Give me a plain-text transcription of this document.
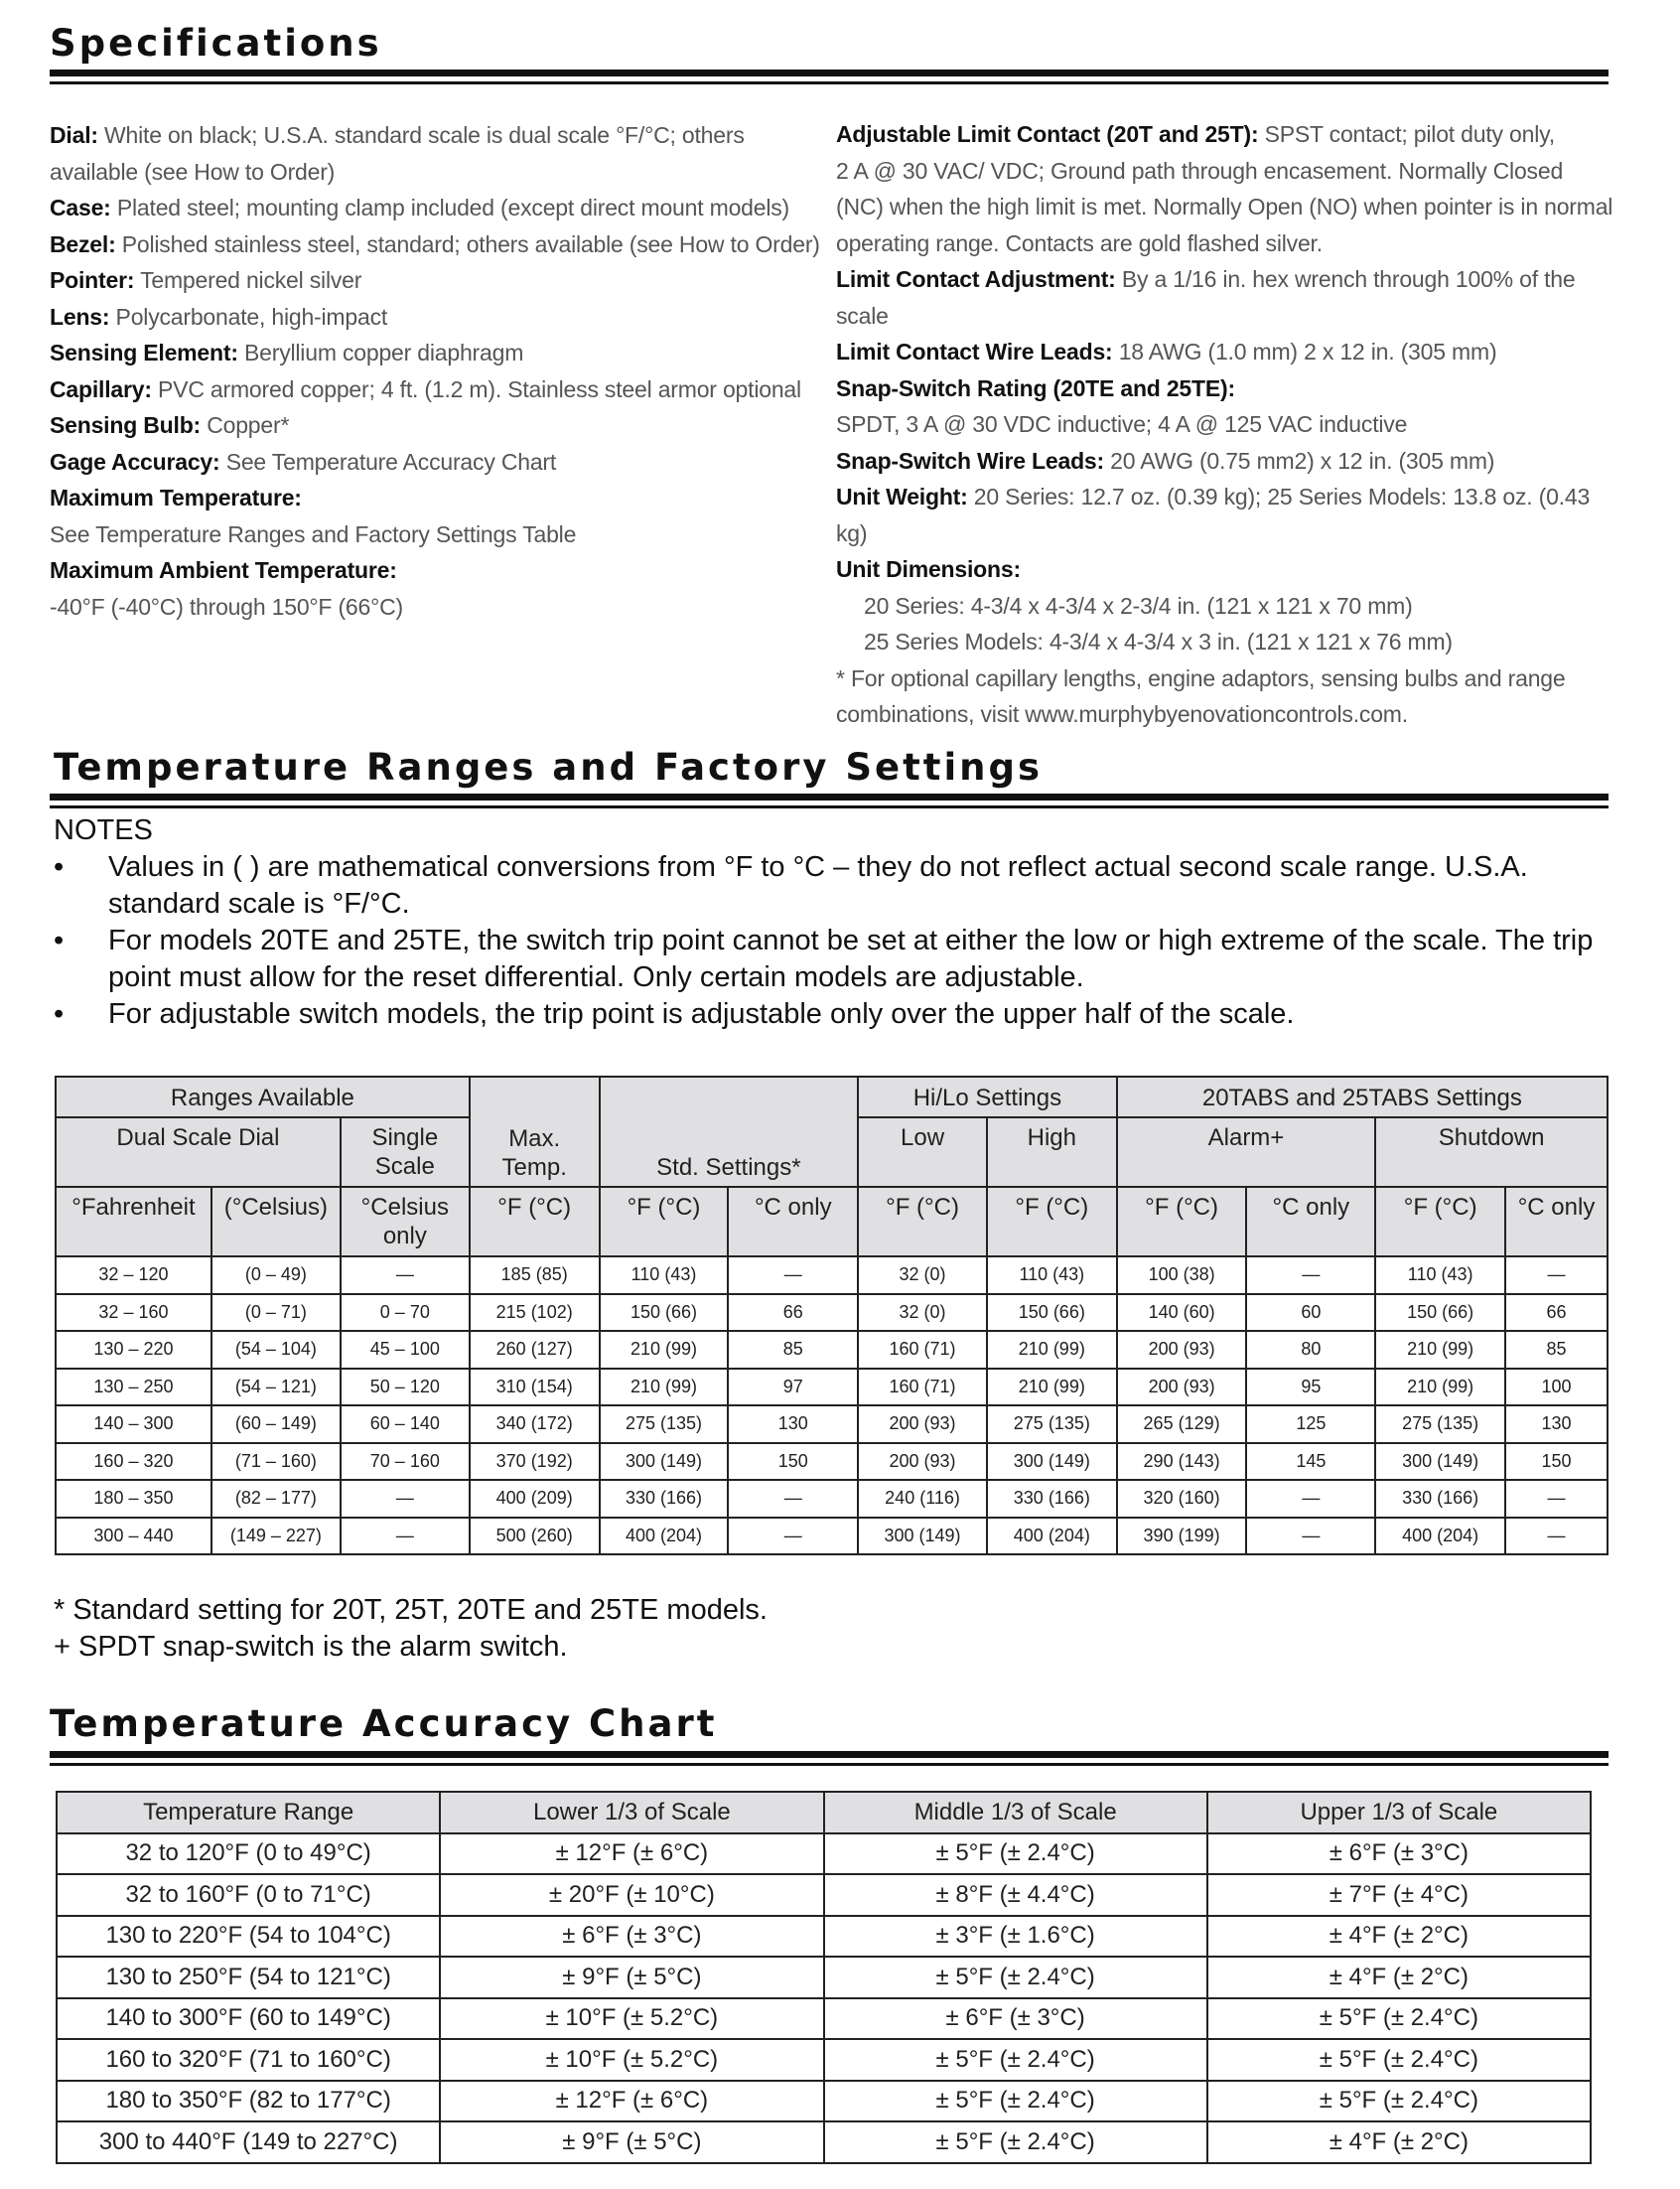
Specifications
Dial: White on black; U.S.A. standard scale is dual scale °F/°C; others
available (see How to Order)
Case: Plated steel; mounting clamp included (except direct mount models)
Bezel: Polished stainless steel, standard; others available (see How to Order)
Pointer: Tempered nickel silver
Lens: Polycarbonate, high-impact
Sensing Element: Beryllium copper diaphragm
Capillary: PVC armored copper; 4 ft. (1.2 m). Stainless steel armor optional
Sensing Bulb: Copper*
Gage Accuracy: See Temperature Accuracy Chart
Maximum Temperature:
See Temperature Ranges and Factory Settings Table
Maximum Ambient Temperature:
-40°F (-40°C) through 150°F (66°C)
Adjustable Limit Contact (20T and 25T): SPST contact; pilot duty only,
2 A @ 30 VAC/ VDC; Ground path through encasement. Normally Closed
(NC) when the high limit is met. Normally Open (NO) when pointer is in normal
operating range. Contacts are gold flashed silver.
Limit Contact Adjustment: By a 1/16 in. hex wrench through 100% of the
scale
Limit Contact Wire Leads: 18 AWG (1.0 mm) 2 x 12 in. (305 mm)
Snap-Switch Rating (20TE and 25TE):
SPDT, 3 A @ 30 VDC inductive; 4 A @ 125 VAC inductive
Snap-Switch Wire Leads: 20 AWG (0.75 mm2) x 12 in. (305 mm)
Unit Weight: 20 Series: 12.7 oz. (0.39 kg); 25 Series Models: 13.8 oz. (0.43
kg)
Unit Dimensions:
20 Series: 4-3/4 x 4-3/4 x 2-3/4 in. (121 x 121 x 70 mm)
25 Series Models: 4-3/4 x 4-3/4 x 3 in. (121 x 121 x 76 mm)
* For optional capillary lengths, engine adaptors, sensing bulbs and range
combinations, visit www.murphybyenovationcontrols.com.
Temperature Ranges and Factory Settings
NOTES
• Values in ( ) are mathematical conversions from °F to °C – they do not reflect actual second scale range. U.S.A. standard scale is °F/°C.
• For models 20TE and 25TE, the switch trip point cannot be set at either the low or high extreme of the scale. The trip point must allow for the reset differential. Only certain models are adjustable.
• For adjustable switch models, the trip point is adjustable only over the upper half of the scale.
Ranges Available			Max. Temp.	Std. Settings*		Hi/Lo Settings		20TABS and 25TABS Settings			
Dual Scale Dial		Single Scale				Low	High	Alarm+		Shutdown	
°Fahrenheit	(°Celsius)	°Celsius only	°F (°C)	°F (°C)	°C only	°F (°C)	°F (°C)	°F (°C)	°C only	°F (°C)	°C only
32 – 120	(0 – 49)	—	185 (85)	110 (43)	—	32 (0)	110 (43)	100 (38)	—	110 (43)	—
32 – 160	(0 – 71)	0 – 70	215 (102)	150 (66)	66	32 (0)	150 (66)	140 (60)	60	150 (66)	66
130 – 220	(54 – 104)	45 – 100	260 (127)	210 (99)	85	160 (71)	210 (99)	200 (93)	80	210 (99)	85
130 – 250	(54 – 121)	50 – 120	310 (154)	210 (99)	97	160 (71)	210 (99)	200 (93)	95	210 (99)	100
140 – 300	(60 – 149)	60 – 140	340 (172)	275 (135)	130	200 (93)	275 (135)	265 (129)	125	275 (135)	130
160 – 320	(71 – 160)	70 – 160	370 (192)	300 (149)	150	200 (93)	300 (149)	290 (143)	145	300 (149)	150
180 – 350	(82 – 177)	—	400 (209)	330 (166)	—	240 (116)	330 (166)	320 (160)	—	330 (166)	—
300 – 440	(149 – 227)	—	500 (260)	400 (204)	—	300 (149)	400 (204)	390 (199)	—	400 (204)	—
* Standard setting for 20T, 25T, 20TE and 25TE models.
+ SPDT snap-switch is the alarm switch.
Temperature Accuracy Chart
Temperature Range	Lower 1/3 of Scale	Middle 1/3 of Scale	Upper 1/3 of Scale
32 to 120°F (0 to 49°C)	± 12°F (± 6°C)	± 5°F (± 2.4°C)	± 6°F (± 3°C)
32 to 160°F (0 to 71°C)	± 20°F (± 10°C)	± 8°F (± 4.4°C)	± 7°F (± 4°C)
130 to 220°F (54 to 104°C)	± 6°F (± 3°C)	± 3°F (± 1.6°C)	± 4°F (± 2°C)
130 to 250°F (54 to 121°C)	± 9°F (± 5°C)	± 5°F (± 2.4°C)	± 4°F (± 2°C)
140 to 300°F (60 to 149°C)	± 10°F (± 5.2°C)	± 6°F (± 3°C)	± 5°F (± 2.4°C)
160 to 320°F (71 to 160°C)	± 10°F (± 5.2°C)	± 5°F (± 2.4°C)	± 5°F (± 2.4°C)
180 to 350°F (82 to 177°C)	± 12°F (± 6°C)	± 5°F (± 2.4°C)	± 5°F (± 2.4°C)
300 to 440°F (149 to 227°C)	± 9°F (± 5°C)	± 5°F (± 2.4°C)	± 4°F (± 2°C)
